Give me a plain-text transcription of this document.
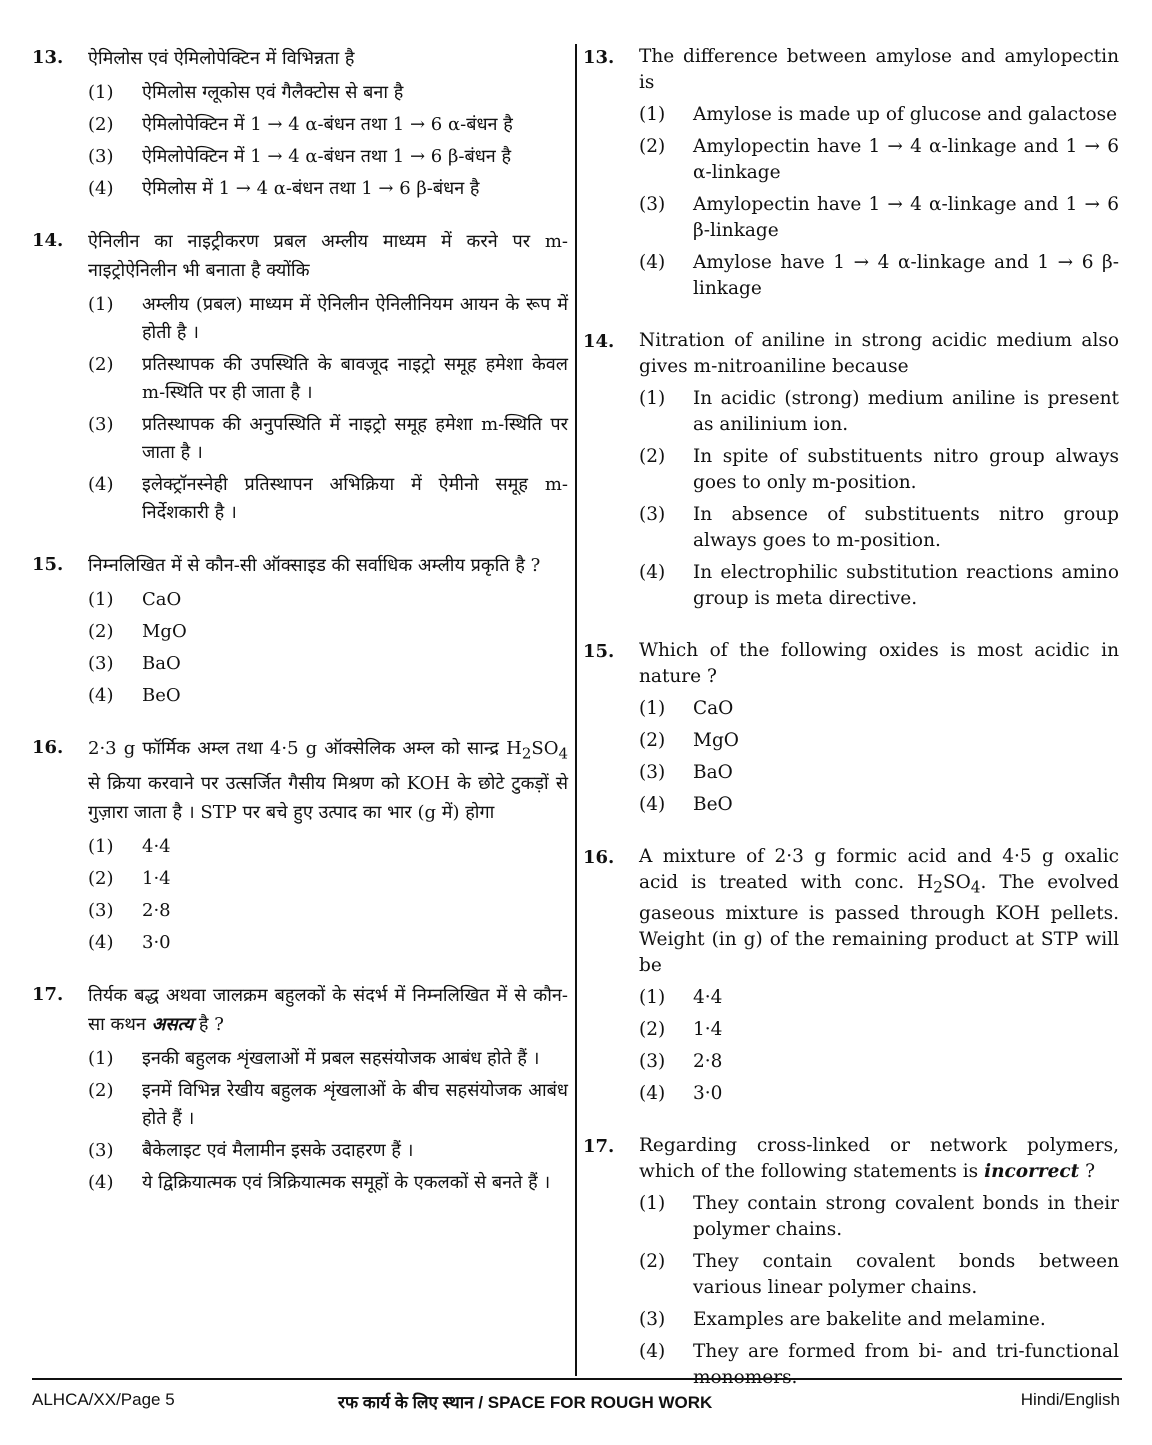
13.	ऐमिलोस एवं ऐमिलोपेक्टिन में विभिन्नता है
(1)	ऐमिलोस ग्लूकोस एवं गैलैक्टोस से बना है
(2)	ऐमिलोपेक्टिन में 1 → 4 α-बंधन तथा 1 → 6 α-बंधन है
(3)	ऐमिलोपेक्टिन में 1 → 4 α-बंधन तथा 1 → 6 β-बंधन है
(4)	ऐमिलोस में 1 → 4 α-बंधन तथा 1 → 6 β-बंधन है
14.	ऐनिलीन का नाइट्रीकरण प्रबल अम्लीय माध्यम में करने पर m-नाइट्रोऐनिलीन भी बनाता है क्योंकि
(1)	अम्लीय (प्रबल) माध्यम में ऐनिलीन ऐनिलीनियम आयन के रूप में होती है ।
(2)	प्रतिस्थापक की उपस्थिति के बावजूद नाइट्रो समूह हमेशा केवल m-स्थिति पर ही जाता है ।
(3)	प्रतिस्थापक की अनुपस्थिति में नाइट्रो समूह हमेशा m-स्थिति पर जाता है ।
(4)	इलेक्ट्रॉनस्नेही प्रतिस्थापन अभिक्रिया में ऐमीनो समूह m-निर्देशकारी है ।
15.	निम्नलिखित में से कौन-सी ऑक्साइड की सर्वाधिक अम्लीय प्रकृति है ?
(1)	CaO
(2)	MgO
(3)	BaO
(4)	BeO
16.	2·3 g फॉर्मिक अम्ल तथा 4·5 g ऑक्सेलिक अम्ल को सान्द्र $H_2SO_4$ से क्रिया करवाने पर उत्सर्जित गैसीय मिश्रण को KOH के छोटे टुकड़ों से गुज़ारा जाता है । STP पर बचे हुए उत्पाद का भार (g में) होगा
(1)	4·4
(2)	1·4
(3)	2·8
(4)	3·0
17.	तिर्यक बद्ध अथवा जालक्रम बहुलकों के संदर्भ में निम्नलिखित में से कौन-सा कथन असत्य है ?
(1)	इनकी बहुलक शृंखलाओं में प्रबल सहसंयोजक आबंध होते हैं ।
(2)	इनमें विभिन्न रेखीय बहुलक शृंखलाओं के बीच सहसंयोजक आबंध होते हैं ।
(3)	बैकेलाइट एवं मैलामीन इसके उदाहरण हैं ।
(4)	ये द्विक्रियात्मक एवं त्रिक्रियात्मक समूहों के एकलकों से बनते हैं ।
13.	The difference between amylose and amylopectin is
(1)	Amylose is made up of glucose and galactose
(2)	Amylopectin have 1 → 4 α-linkage and 1 → 6 α-linkage
(3)	Amylopectin have 1 → 4 α-linkage and 1 → 6 β-linkage
(4)	Amylose have 1 → 4 α-linkage and 1 → 6 β-linkage
14.	Nitration of aniline in strong acidic medium also gives m-nitroaniline because
(1)	In acidic (strong) medium aniline is present as anilinium ion.
(2)	In spite of substituents nitro group always goes to only m-position.
(3)	In absence of substituents nitro group always goes to m-position.
(4)	In electrophilic substitution reactions amino group is meta directive.
15.	Which of the following oxides is most acidic in nature ?
(1)	CaO
(2)	MgO
(3)	BaO
(4)	BeO
16.	A mixture of 2·3 g formic acid and 4·5 g oxalic acid is treated with conc. $H_2SO_4$. The evolved gaseous mixture is passed through KOH pellets. Weight (in g) of the remaining product at STP will be
(1)	4·4
(2)	1·4
(3)	2·8
(4)	3·0
17.	Regarding cross-linked or network polymers, which of the following statements is incorrect ?
(1)	They contain strong covalent bonds in their polymer chains.
(2)	They contain covalent bonds between various linear polymer chains.
(3)	Examples are bakelite and melamine.
(4)	They are formed from bi- and tri-functional
ALHCA/XX/Page 5	रफ कार्य के लिए स्थान / SPACE FOR ROUGH WORK	Hindi/English
